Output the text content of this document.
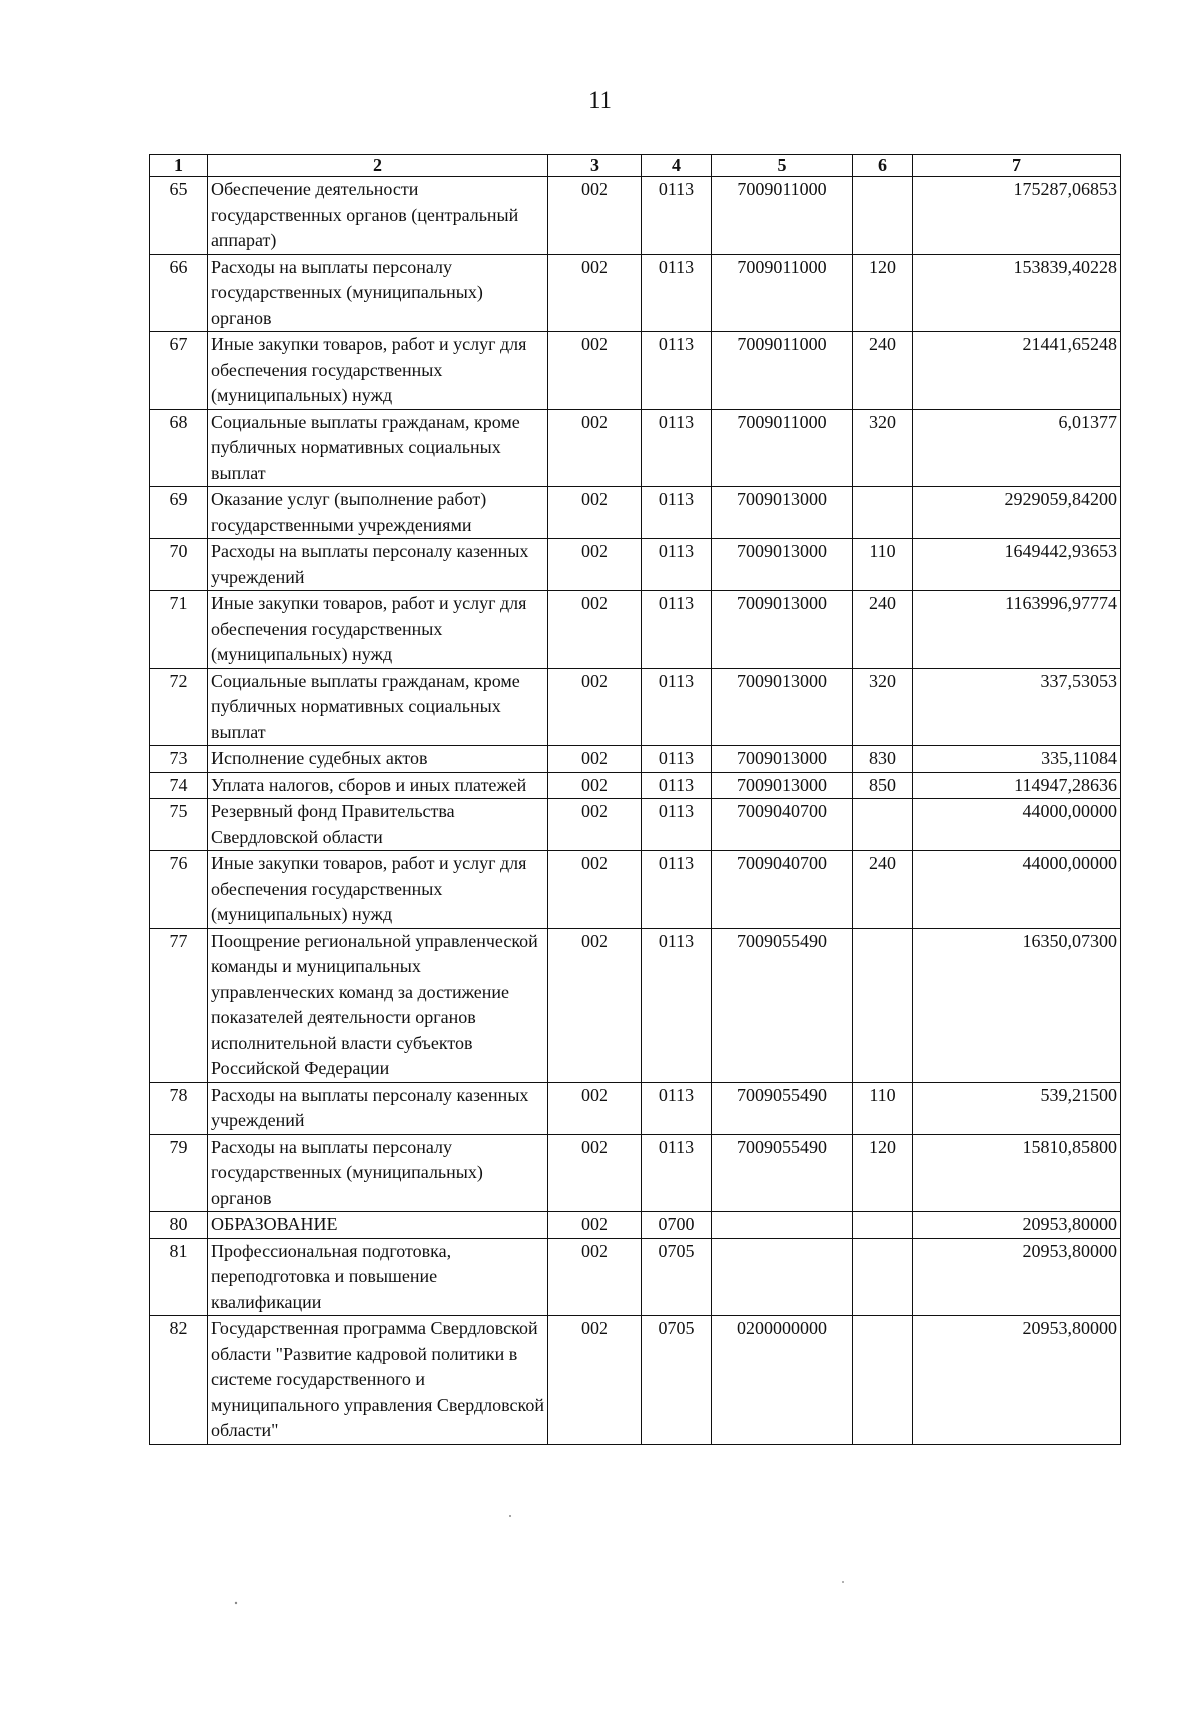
11
1	2	3	4	5	6	7
65	Обеспечение деятельности государственных органов (центральный аппарат)	002	0113	7009011000		175287,06853
66	Расходы на выплаты персоналу государственных (муниципальных) органов	002	0113	7009011000	120	153839,40228
67	Иные закупки товаров, работ и услуг для обеспечения государственных (муниципальных) нужд	002	0113	7009011000	240	21441,65248
68	Социальные выплаты гражданам, кроме публичных нормативных социальных выплат	002	0113	7009011000	320	6,01377
69	Оказание услуг (выполнение работ) государственными учреждениями	002	0113	7009013000		2929059,84200
70	Расходы на выплаты персоналу казенных учреждений	002	0113	7009013000	110	1649442,93653
71	Иные закупки товаров, работ и услуг для обеспечения государственных (муниципальных) нужд	002	0113	7009013000	240	1163996,97774
72	Социальные выплаты гражданам, кроме публичных нормативных социальных выплат	002	0113	7009013000	320	337,53053
73	Исполнение судебных актов	002	0113	7009013000	830	335,11084
74	Уплата налогов, сборов и иных платежей	002	0113	7009013000	850	114947,28636
75	Резервный фонд Правительства Свердловской области	002	0113	7009040700		44000,00000
76	Иные закупки товаров, работ и услуг для обеспечения государственных (муниципальных) нужд	002	0113	7009040700	240	44000,00000
77	Поощрение региональной управленческой команды и муниципальных управленческих команд за достижение показателей деятельности органов исполнительной власти субъектов Российской Федерации	002	0113	7009055490		16350,07300
78	Расходы на выплаты персоналу казенных учреждений	002	0113	7009055490	110	539,21500
79	Расходы на выплаты персоналу государственных (муниципальных) органов	002	0113	7009055490	120	15810,85800
80	ОБРАЗОВАНИЕ	002	0700			20953,80000
81	Профессиональная подготовка, переподготовка и повышение квалификации	002	0705			20953,80000
82	Государственная программа Свердловской области "Развитие кадровой политики в системе государственного и муниципального управления Свердловской области"	002	0705	0200000000		20953,80000
